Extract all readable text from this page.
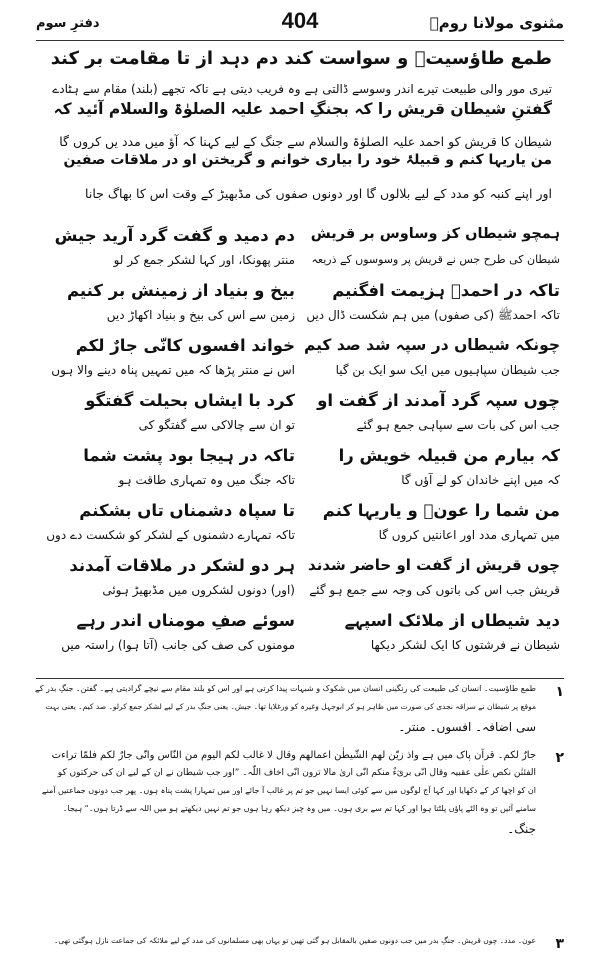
مثنوی مولانا رومؒ
404
دفترِ سوم
طمع طاؤسیتؔ و سواست کند دم دہد از تا مقامت بر کند
تیری مور والی طبیعت تیرے اندر وسوسے ڈالتی ہے وہ فریب دیتی ہے تاکہ تجھے (بلند) مقام سے ہٹادے
گفتنِ شیطان قریش را کہ بجنگِ احمد علیہ الصلوٰۃ والسلام آئید کہ
شیطان کا قریش کو احمد علیہ الصلوٰۃ والسلام سے جنگ کے لیے کہنا کہ آؤ میں مدد یں کروں گا
من یاریہا کنم و قبیلۂ خود را بیاری خوانم و گریختن او در ملاقات صفین
اور اپنے کنبہ کو مدد کے لیے بلالوں گا اور دونوں صفوں کی مڈبھیڑ کے وقت اس کا بھاگ جانا
ہمچو شیطاں کز وساوس بر قریش
شیطان کی طرح جس نے قریش پر وسوسوں کے ذریعہ
تاکہ در احمدؐ ہزیمت افگنیم
تاکہ احمدﷺ (کی صفوں) میں ہم شکست ڈال دیں
چونکہ شیطاں در سپہ شد صد کیم
جب شیطان سپاہیوں میں ایک سو ایک بن گیا
چوں سپہ گرد آمدند از گفت او
جب اس کی بات سے سپاہی جمع ہو گئے
کہ بیارم من قبیلہ خویش را
کہ میں اپنے خاندان کو لے آؤں گا
من شما را عونؔ و یاریہا کنم
میں تمہاری مدد اور اعانتیں کروں گا
چوں قریش از گفت او حاضر شدند
قریش جب اس کی باتوں کی وجہ سے جمع ہو گئے
دید شیطاں از ملائک اسپہے
شیطان نے فرشتوں کا ایک لشکر دیکھا
دم دمید و گفت گرد آرید جیش
منتر پھونکا، اور کہا لشکر جمع کر لو
بیخ و بنیاد از زمینش بر کنیم
زمین سے اس کی بیخ و بنیاد اکھاڑ دیں
خواند افسوں کانّی جارٌ لکم
اس نے منتر پڑھا کہ میں تمہیں پناہ دینے والا ہوں
کرد با ایشاں بحیلت گفتگو
تو ان سے چالاکی سے گفتگو کی
تاکہ در ہیجا بود پشت شما
تاکہ جنگ میں وہ تمہاری طاقت ہو
تا سپاہ دشمناں تاں بشکنم
تاکہ تمہارے دشمنوں کے لشکر کو شکست دے دوں
ہر دو لشکر در ملاقات آمدند
(اور) دونوں لشکروں میں مڈبھیڑ ہوئی
سوئے صفِ مومناں اندر رہے
مومنوں کی صف کی جانب (آتا ہوا) راستہ میں
۱
طمع طاؤسیت۔ انسان کی طبیعت کی رنگینی انسان میں شکوک و شبہات پیدا کرتی ہے اور اس کو بلند مقام سے نیچے گرادیتی ہے۔ گفتن۔ جنگِ بدر کے
موقع پر شیطان نے سراقہ نجدی کی صورت میں ظاہر ہو کر ابوجہل وغیرہ کو ورغلایا تھا۔ جیش۔ یعنی جنگِ بدر کے لیے لشکر جمع کرلو۔ صد کیم۔ یعنی بہت
سی اضافہ۔ افسوں۔ منتر۔
۲
جارٌ لکم۔ قرآن پاک میں ہے واذ زیّن لھم الشّیطٰن اعمالھم وقال لا غالب لکم الیوم من النّاس وانّی جارٌ لکم فلمّا تراءت
الفئتٰن نکص علٰی عقبیہ وقال انّی بریٓءٌ منکم انّی اریٰ مالا ترون انّی اخاف اللّٰہ۔ ”اور جب شیطان نے ان کے لیے ان کی حرکتوں کو
ان کو اچھا کر کے دکھایا اور کہا آج لوگوں میں سے کوئی ایسا نہیں جو تم پر غالب آ جائے اور میں تمہارا پشت پناہ ہوں۔ پھر جب دونوں جماعتیں آمنے
سامنے آئیں تو وہ الٹے پاؤں پلٹتا ہوا اور کہا تم سے بری ہوں۔ میں وہ چیز دیکھ رہا ہوں جو تم نہیں دیکھتے ہو میں اللہ سے ڈرتا ہوں۔“ ہیجا۔
جنگ۔
۳
عون۔ مدد۔ چوں قریش۔ جنگِ بدر میں جب دونوں صفیں بالمقابل ہو گئی تھیں تو یہاں بھی مسلمانوں کی مدد کے لیے ملائکہ کی جماعت نازل ہوگئی تھی۔
